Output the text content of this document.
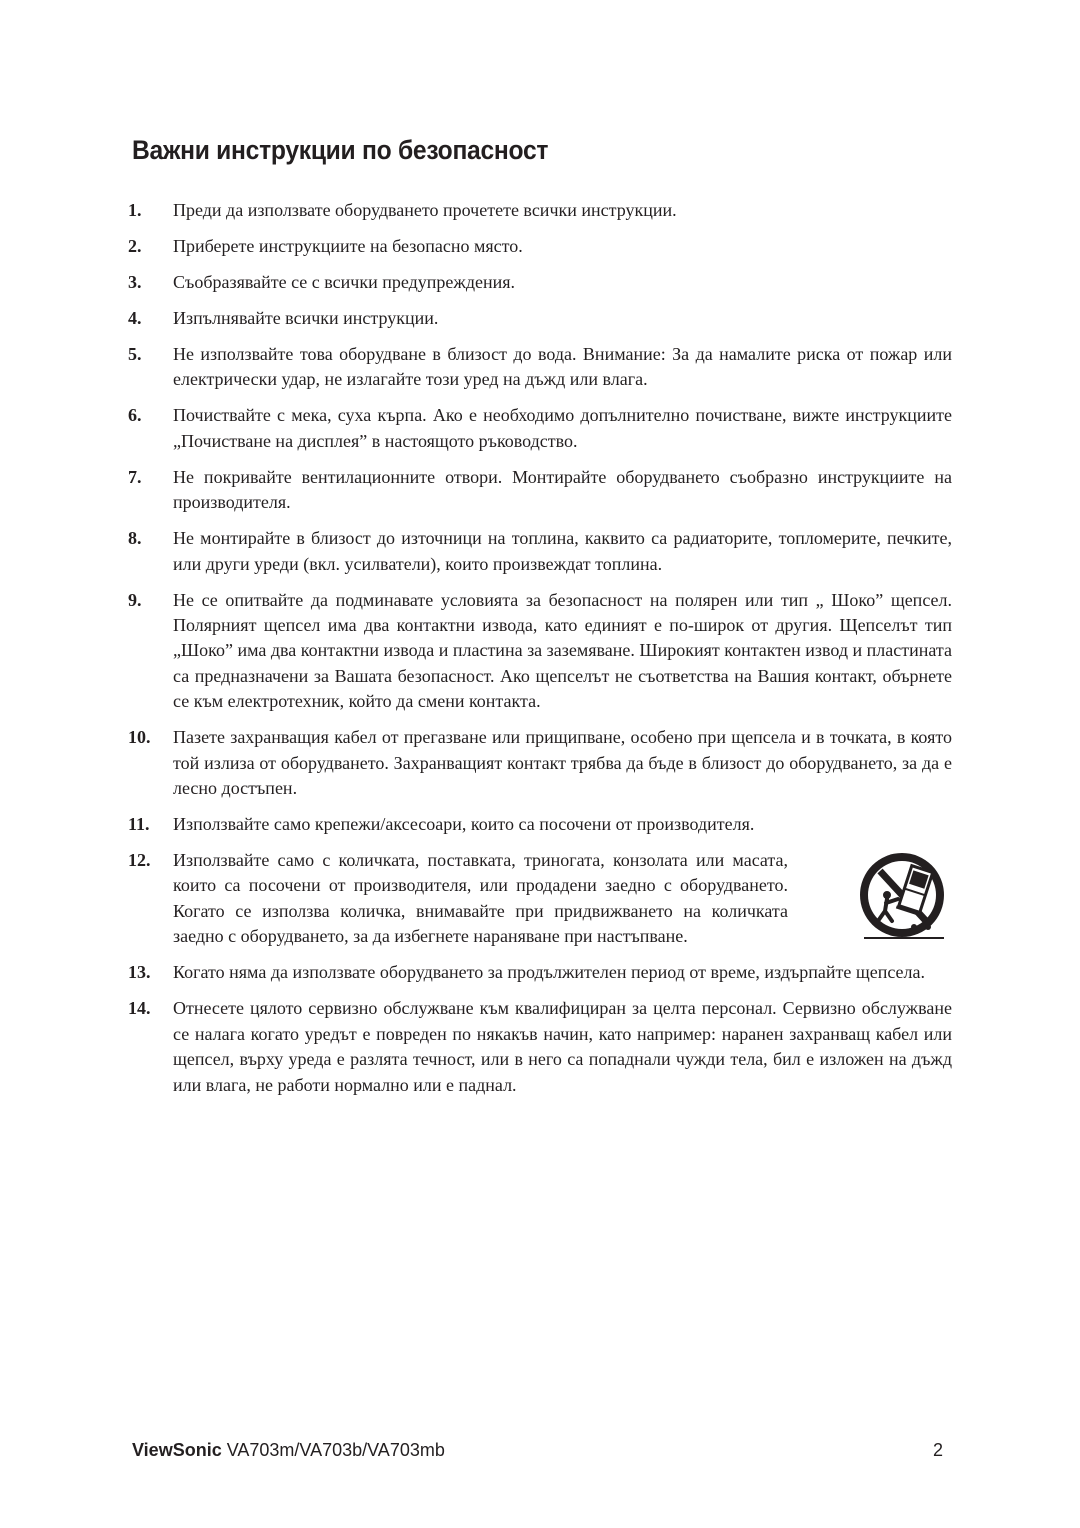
Важни инструкции по безопасност
1.	Преди да използвате оборудването прочетете всички инструкции.
2.	Приберете инструкциите на безопасно място.
3.	Съобразявайте се с всички предупреждения.
4.	Изпълнявайте всички инструкции.
5.	Не използвайте това оборудване в близост до вода. Внимание: За да намалите риска от пожар или електрически удар, не излагайте този уред на дъжд или влага.
6.	Почиствайте с мека, суха кърпа. Ако е необходимо допълнително почистване, вижте инструкциите „Почистване на дисплея” в настоящото ръководство.
7.	Не покривайте вентилационните отвори. Монтирайте оборудването съобразно инструкциите на производителя.
8.	Не монтирайте в близост до източници на топлина, каквито са радиаторите, топломерите, печките, или други уреди (вкл. усилватели), които произвеждат топлина.
9.	Не се опитвайте да подминавате условията за безопасност на полярен или тип „ Шоко” щепсел. Полярният щепсел има два контактни извода, като единият е по-широк от другия. Щепселът тип „Шоко” има два контактни извода и пластина за заземяване. Широкият контактен извод и пластината са предназначени за Вашата безопасност. Ако щепселът не съответства на Вашия контакт, обърнете се към електротехник, който да смени контакта.
10.	Пазете захранващия кабел от прегазване или прищипване, особено при щепсела и в точката, в която той излиза от оборудването. Захранващият контакт трябва да бъде в близост до оборудването, за да е лесно достъпен.
11.	Използвайте само крепежи/аксесоари, които са посочени от производителя.
12.	Използвайте само с количката, поставката, триногата, конзолата или масата, които са посочени от производителя, или продадени заедно с оборудването. Когато се използва количка, внимавайте при придвижването на количката заедно с оборудването, за да избегнете нараняване при настъпване.
13.	Когато няма да използвате оборудването за продължителен период от време, издърпайте щепсела.
14.	Отнесете цялото сервизно обслужване към квалифициран за целта персонал. Сервизно обслужване се налага когато уредът е повреден по някакъв начин, като например: наранен захранващ кабел или щепсел, върху уреда е разлята течност, или в него са попаднали чужди тела, бил е изложен на дъжд или влага, не работи нормално или е паднал.
ViewSonic VA703m/VA703b/VA703mb	2
